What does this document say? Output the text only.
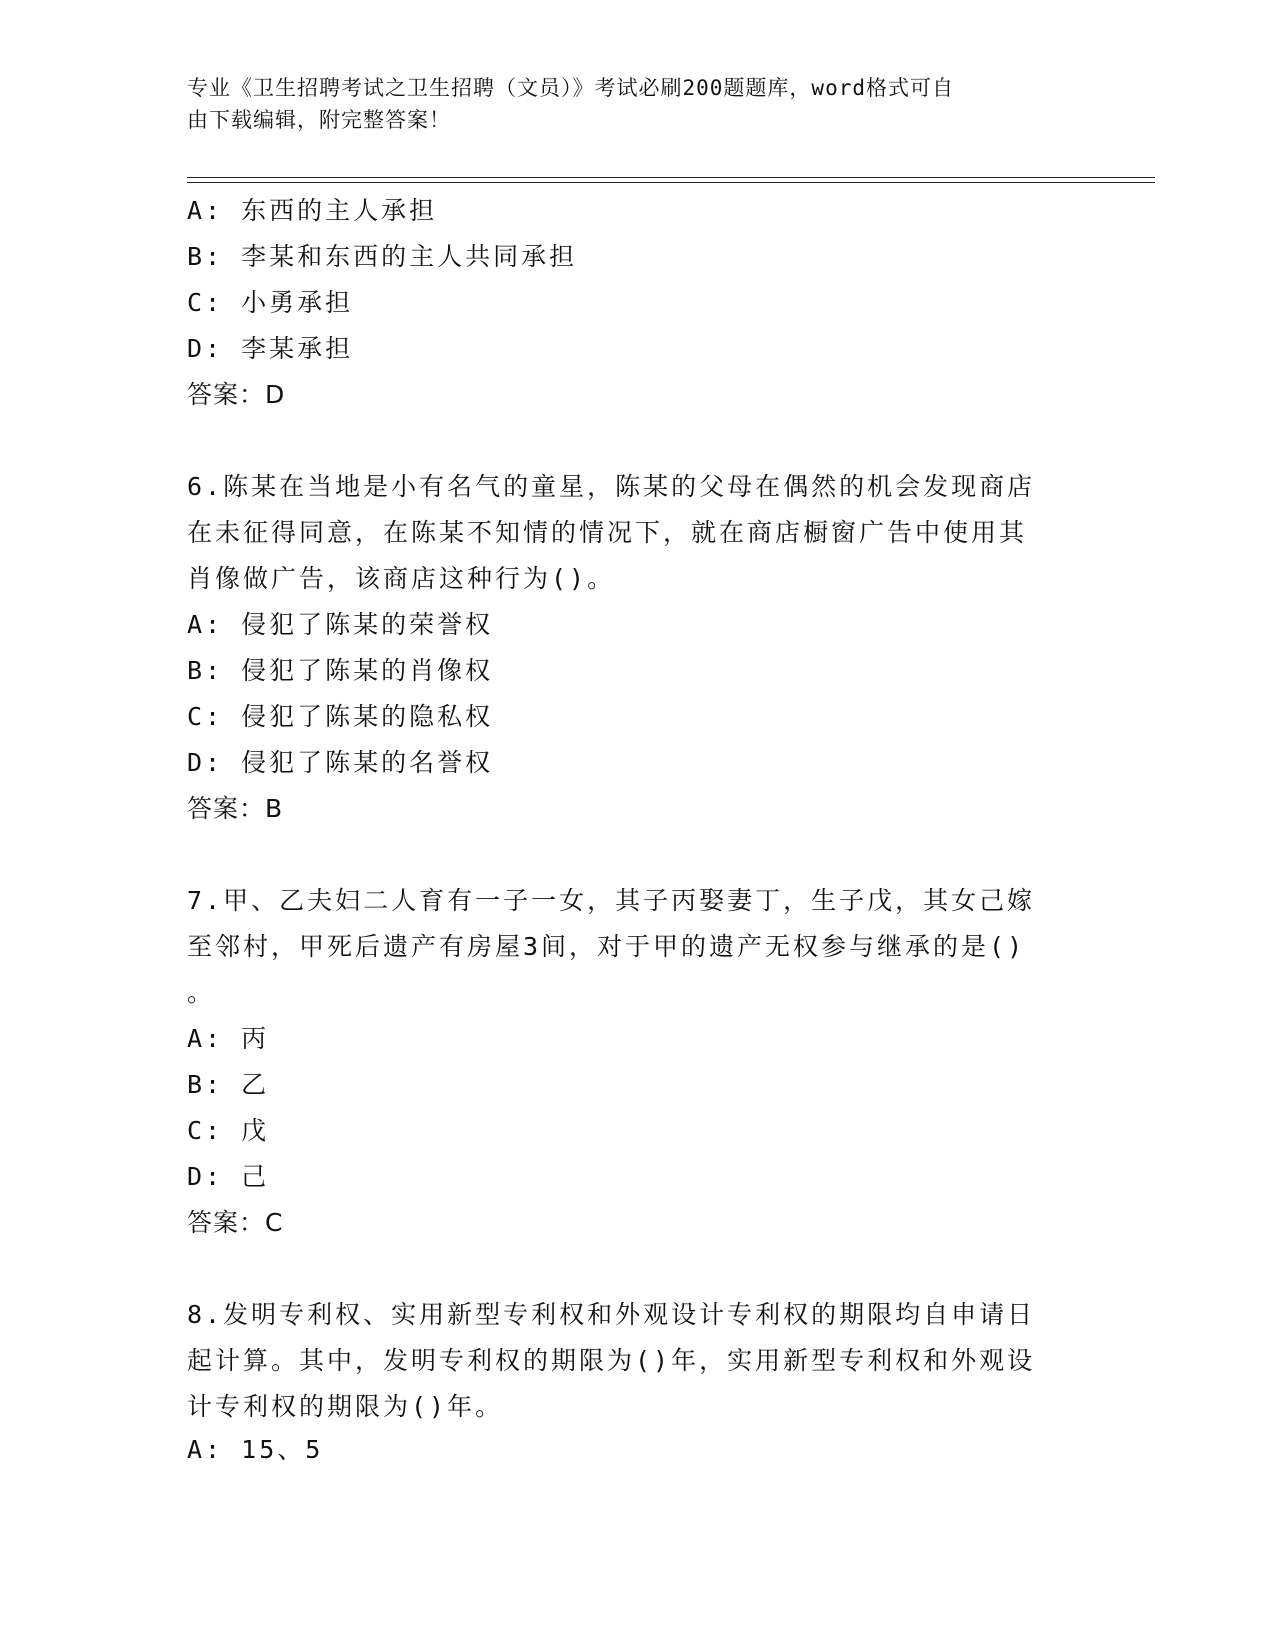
专业《卫生招聘考试之卫生招聘（文员）》考试必刷200题题库，word格式可自
由下载编辑，附完整答案！
A: 东西的主人承担
B: 李某和东西的主人共同承担
C: 小勇承担
D: 李某承担
答案：D
6.陈某在当地是小有名气的童星，陈某的父母在偶然的机会发现商店
在未征得同意，在陈某不知情的情况下，就在商店橱窗广告中使用其
肖像做广告，该商店这种行为()。
A: 侵犯了陈某的荣誉权
B: 侵犯了陈某的肖像权
C: 侵犯了陈某的隐私权
D: 侵犯了陈某的名誉权
答案：B
7.甲、乙夫妇二人育有一子一女，其子丙娶妻丁，生子戊，其女己嫁
至邻村，甲死后遗产有房屋3间，对于甲的遗产无权参与继承的是()
。
A: 丙
B: 乙
C: 戊
D: 己
答案：C
8.发明专利权、实用新型专利权和外观设计专利权的期限均自申请日
起计算。其中，发明专利权的期限为()年，实用新型专利权和外观设
计专利权的期限为()年。
A: 15、5
